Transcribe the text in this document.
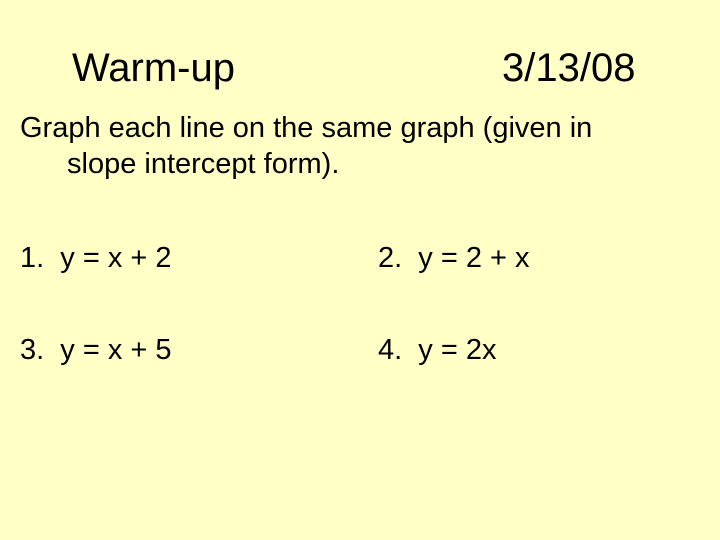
Warm-up	3/13/08
Graph each line on the same graph (given in
slope intercept form).
1.  y = x + 2	2.  y = 2 + x
3.  y = x + 5	4.  y = 2x
